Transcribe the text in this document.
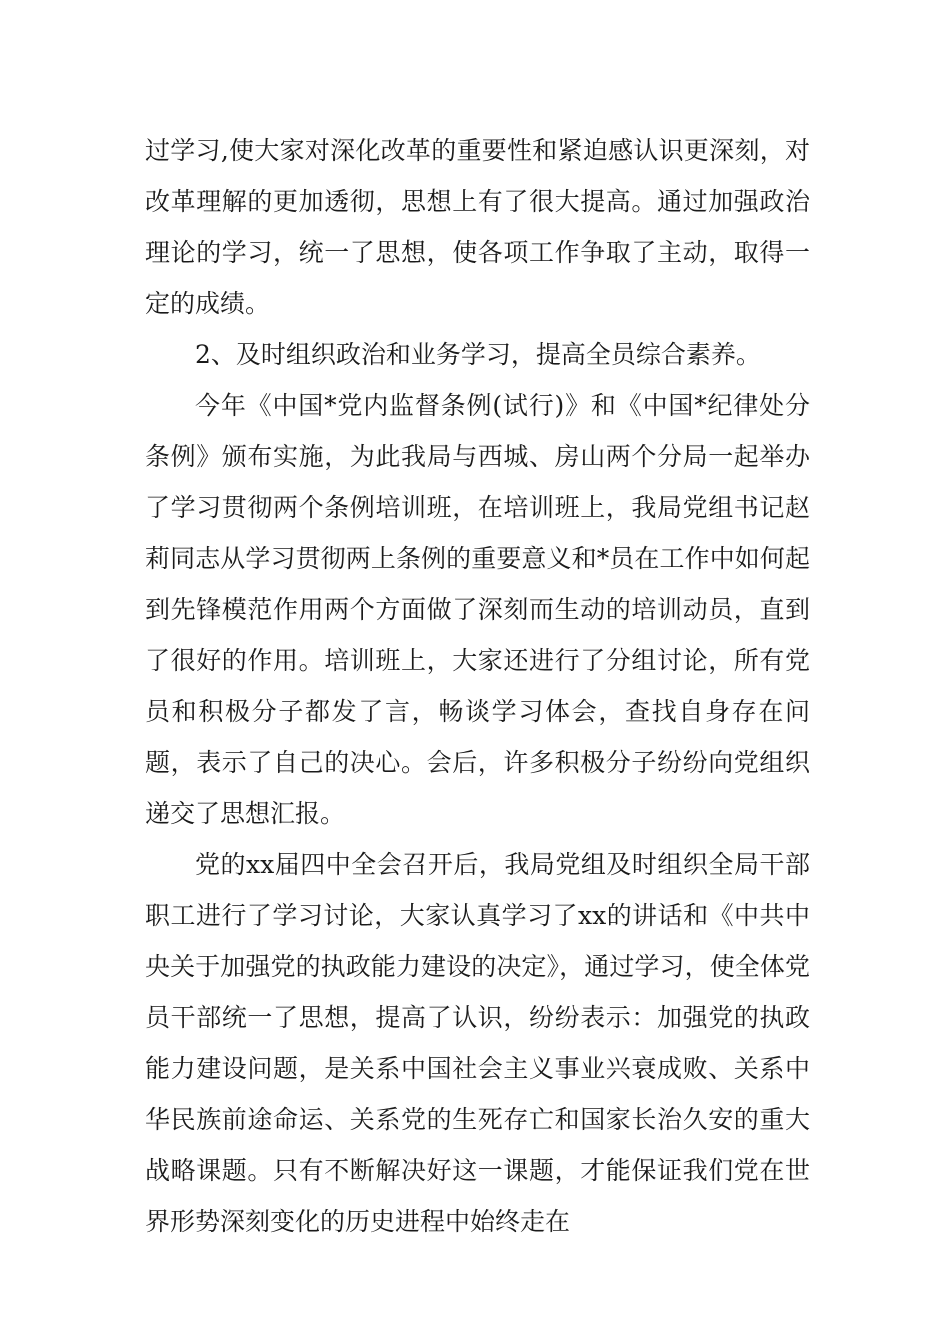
过学习,使大家对深化改革的重要性和紧迫感认识更深刻，对改革理解的更加透彻，思想上有了很大提高。通过加强政治理论的学习，统一了思想，使各项工作争取了主动，取得一定的成绩。

2、及时组织政治和业务学习，提高全员综合素养。

今年《中国*党内监督条例(试行)》和《中国*纪律处分条例》颁布实施，为此我局与西城、房山两个分局一起举办了学习贯彻两个条例培训班，在培训班上，我局党组书记赵莉同志从学习贯彻两上条例的重要意义和*员在工作中如何起到先锋模范作用两个方面做了深刻而生动的培训动员，直到了很好的作用。培训班上，大家还进行了分组讨论，所有党员和积极分子都发了言，畅谈学习体会，查找自身存在问题，表示了自己的决心。会后，许多积极分子纷纷向党组织递交了思想汇报。

党的xx届四中全会召开后，我局党组及时组织全局干部职工进行了学习讨论，大家认真学习了xx的讲话和《中共中央关于加强党的执政能力建设的决定》，通过学习，使全体党员干部统一了思想，提高了认识，纷纷表示：加强党的执政能力建设问题，是关系中国社会主义事业兴衰成败、关系中华民族前途命运、关系党的生死存亡和国家长治久安的重大战略课题。只有不断解决好这一课题，才能保证我们党在世界形势深刻变化的历史进程中始终走在
